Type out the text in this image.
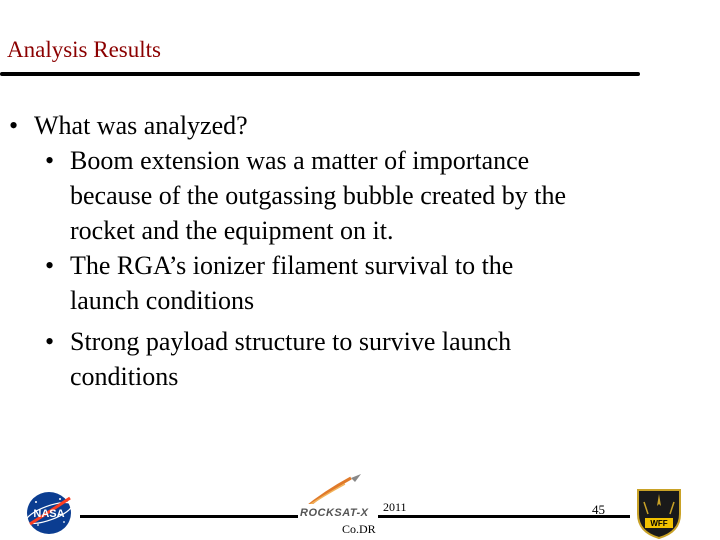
Analysis Results
• What was analyzed?
• Boom extension was a matter of importance
because of the outgassing bubble created by the
rocket and the equipment on it.
• The RGA’s ionizer filament survival to the
launch conditions
• Strong payload structure to survive launch
conditions
NASA	ROCKSAT-X 2011
Co.DR
45
WFF
